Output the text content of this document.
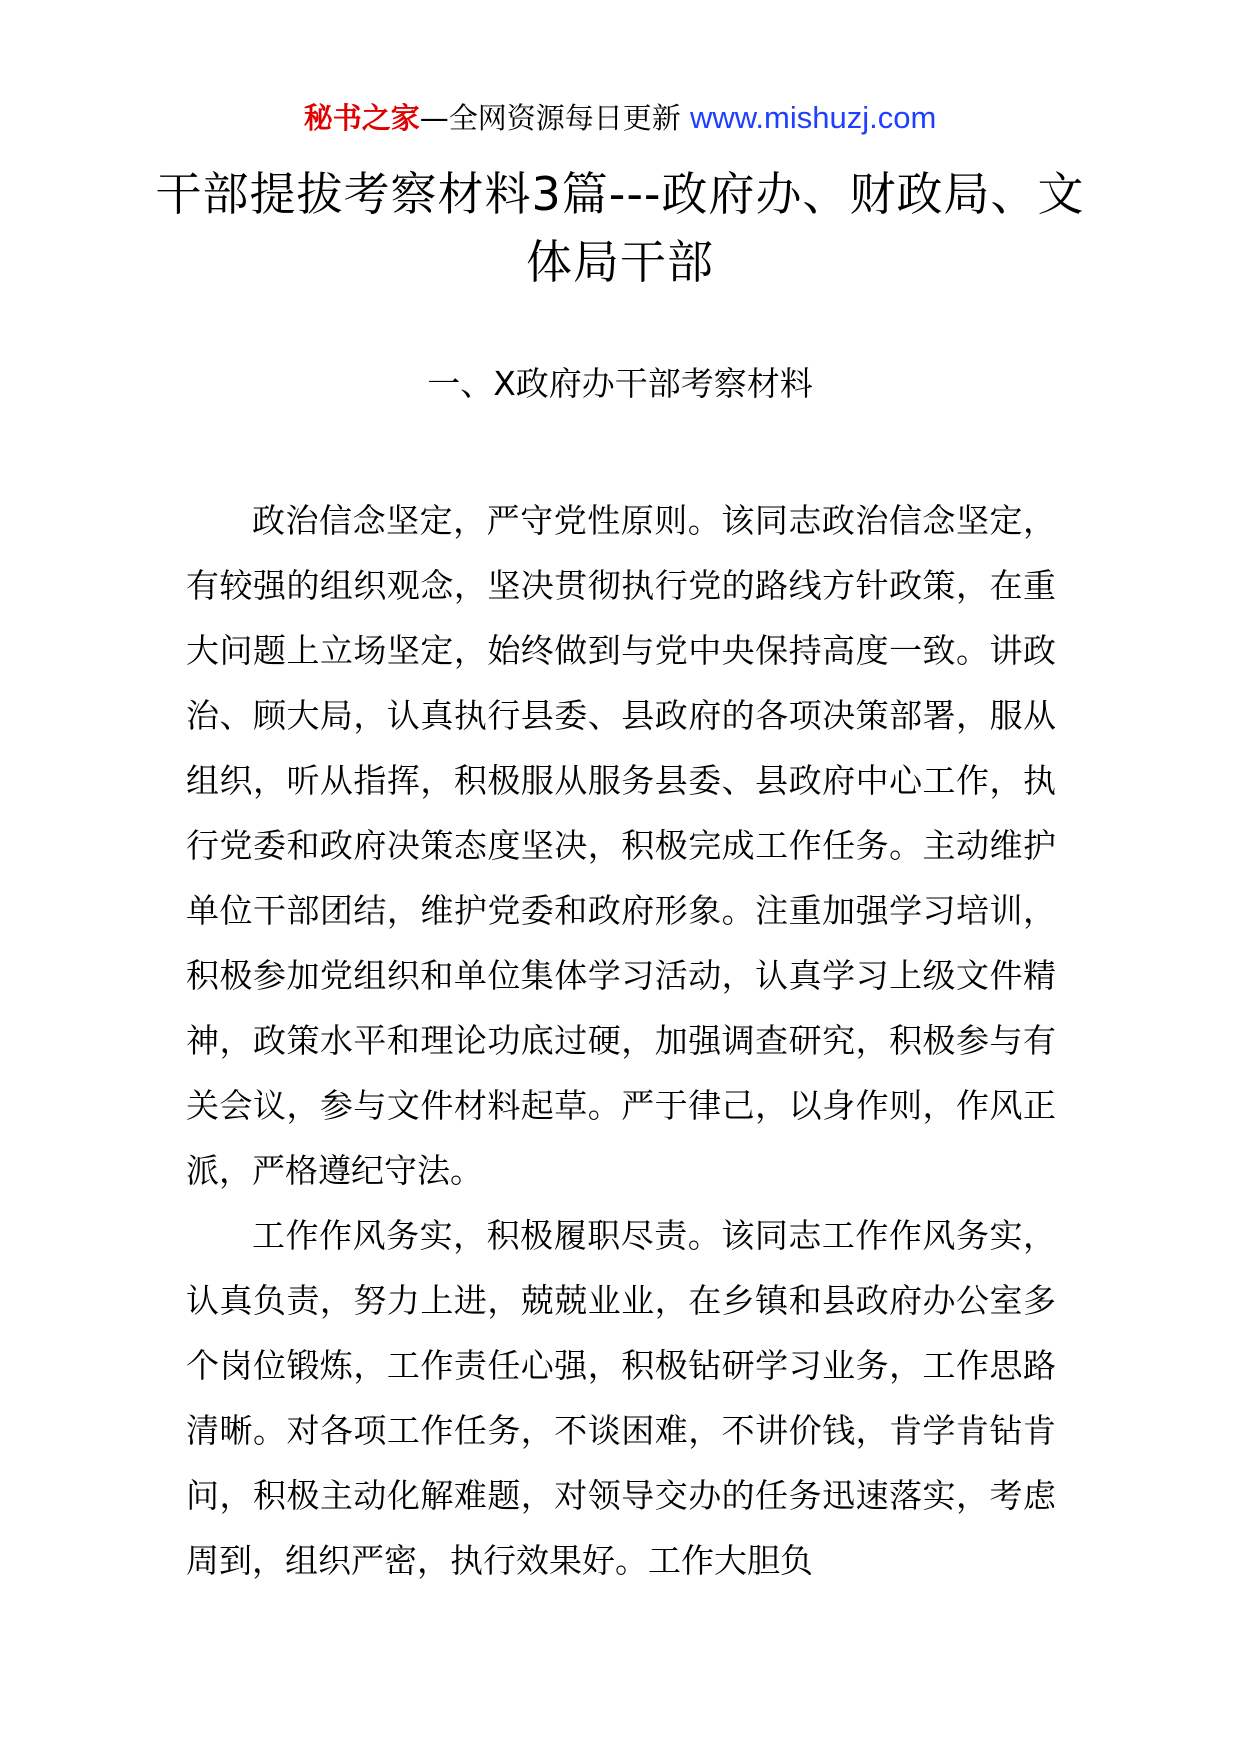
秘书之家—全网资源每日更新 www.mishuzj.com
干部提拔考察材料3篇---政府办、财政局、文体局干部
一、X政府办干部考察材料

政治信念坚定，严守党性原则。该同志政治信念坚定，有较强的组织观念，坚决贯彻执行党的路线方针政策，在重大问题上立场坚定，始终做到与党中央保持高度一致。讲政治、顾大局，认真执行县委、县政府的各项决策部署，服从组织，听从指挥，积极服从服务县委、县政府中心工作，执行党委和政府决策态度坚决，积极完成工作任务。主动维护单位干部团结，维护党委和政府形象。注重加强学习培训，积极参加党组织和单位集体学习活动，认真学习上级文件精神，政策水平和理论功底过硬，加强调查研究，积极参与有关会议，参与文件材料起草。严于律己，以身作则，作风正派，严格遵纪守法。

工作作风务实，积极履职尽责。该同志工作作风务实，认真负责，努力上进，兢兢业业，在乡镇和县政府办公室多个岗位锻炼，工作责任心强，积极钻研学习业务，工作思路清晰。对各项工作任务，不谈困难，不讲价钱，肯学肯钻肯问，积极主动化解难题，对领导交办的任务迅速落实，考虑周到，组织严密，执行效果好。工作大胆负
